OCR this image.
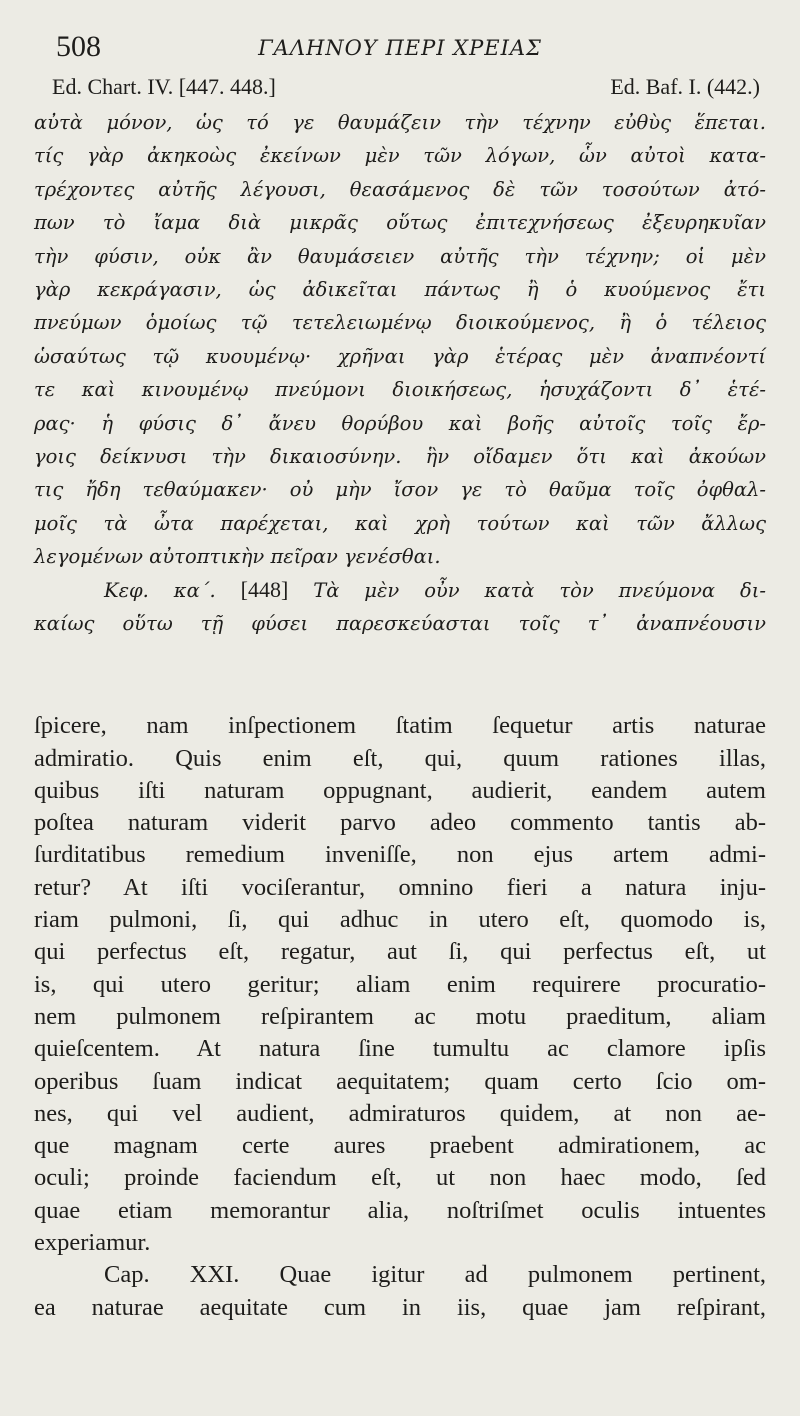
508	ΓΑΛΗΝΟΥ ΠΕΡΙ ΧΡΕΙΑΣ
Ed. Chart. IV. [447. 448.]	Ed. Baf. I. (442.)
αὐτὰ μόνον, ὡς τό γε θαυμάζειν τὴν τέχνην εὐθὺς ἕπεται.
τίς γὰρ ἀκηκοὼς ἐκείνων μὲν τῶν λόγων, ὧν αὐτοὶ κατα-
τρέχοντες αὐτῆς λέγουσι, θεασάμενος δὲ τῶν τοσούτων ἀτό-
πων τὸ ἴαμα διὰ μικρᾶς οὕτως ἐπιτεχνήσεως ἐξευρηκυῖαν
τὴν φύσιν, οὐκ ἂν θαυμάσειεν αὐτῆς τὴν τέχνην; οἱ μὲν
γὰρ κεκράγασιν, ὡς ἀδικεῖται πάντως ἢ ὁ κυούμενος ἔτι
πνεύμων ὁμοίως τῷ τετελειωμένῳ διοικούμενος, ἢ ὁ τέλειος
ὡσαύτως τῷ κυουμένῳ· χρῆναι γὰρ ἑτέρας μὲν ἀναπνέοντί
τε καὶ κινουμένῳ πνεύμονι διοικήσεως, ἡσυχάζοντι δ᾽ ἑτέ-
ρας· ἡ φύσις δ᾽ ἄνευ θορύβου καὶ βοῆς αὐτοῖς τοῖς ἔρ-
γοις δείκνυσι τὴν δικαιοσύνην. ἣν οἴδαμεν ὅτι καὶ ἀκούων
τις ἤδη τεθαύμακεν· οὐ μὴν ἴσον γε τὸ θαῦμα τοῖς ὀφθαλ-
μοῖς τὰ ὦτα παρέχεται, καὶ χρὴ τούτων καὶ τῶν ἄλλως
λεγομένων αὐτοπτικὴν πεῖραν γενέσθαι.
Κεφ. κα΄. [448] Τὰ μὲν οὖν κατὰ τὸν πνεύμονα δι-
καίως οὕτω τῇ φύσει παρεσκεύασται τοῖς τ᾽ ἀναπνέουσιν
ſpicere, nam inſpectionem ſtatim ſequetur artis naturae
admiratio. Quis enim eſt, qui, quum rationes illas,
quibus iſti naturam oppugnant, audierit, eandem autem
poſtea naturam viderit parvo adeo commento tantis ab-
ſurditatibus remedium inveniſſe, non ejus artem admi-
retur? At iſti vociſerantur, omnino fieri a natura inju-
riam pulmoni, ſi, qui adhuc in utero eſt, quomodo is,
qui perfectus eſt, regatur, aut ſi, qui perfectus eſt, ut
is, qui utero geritur; aliam enim requirere procuratio-
nem pulmonem reſpirantem ac motu praeditum, aliam
quieſcentem. At natura ſine tumultu ac clamore ipſis
operibus ſuam indicat aequitatem; quam certo ſcio om-
nes, qui vel audient, admiraturos quidem, at non ae-
que magnam certe aures praebent admirationem, ac
oculi; proinde faciendum eſt, ut non haec modo, ſed
quae etiam memorantur alia, noſtriſmet oculis intuentes
experiamur.
Cap. XXI. Quae igitur ad pulmonem pertinent,
ea naturae aequitate cum in iis, quae jam reſpirant,
